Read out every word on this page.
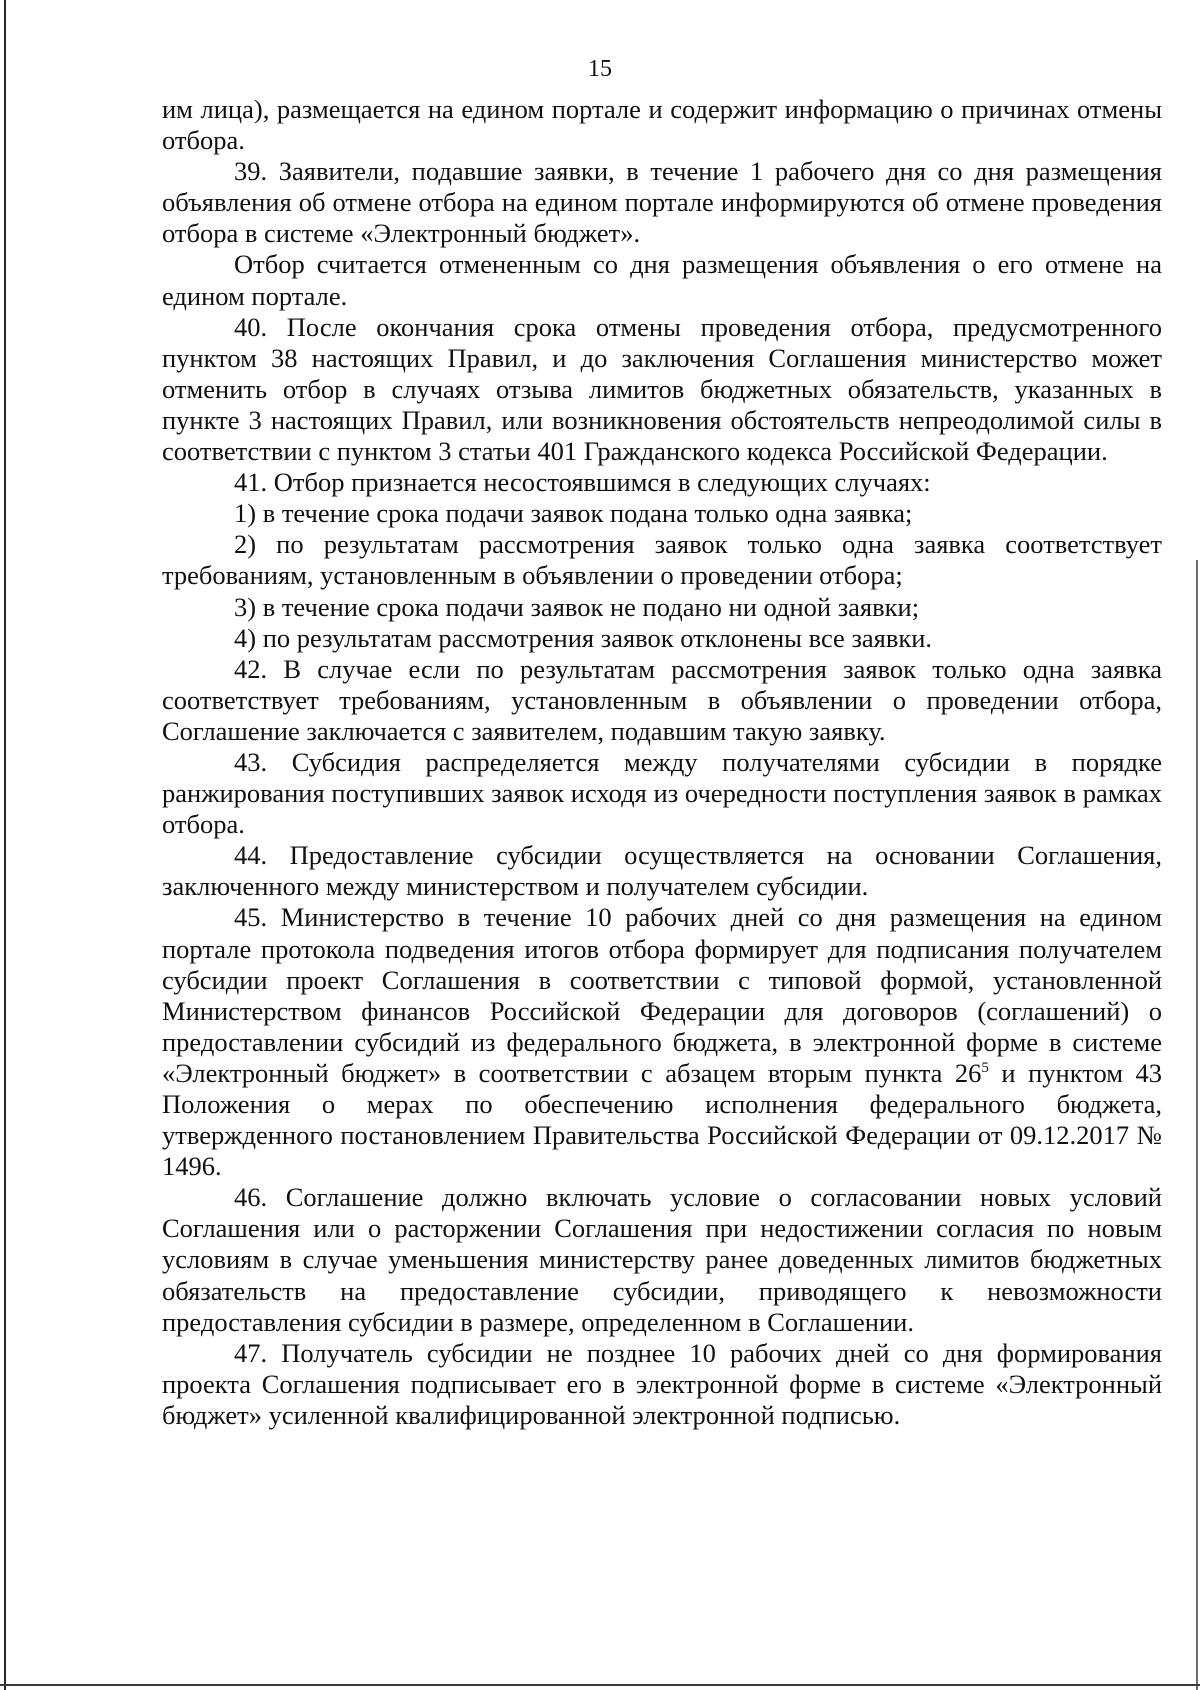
15

им лица), размещается на едином портале и содержит информацию о причинах отмены отбора.

39. Заявители, подавшие заявки, в течение 1 рабочего дня со дня размещения объявления об отмене отбора на едином портале информируются об отмене проведения отбора в системе «Электронный бюджет».

Отбор считается отмененным со дня размещения объявления о его отмене на едином портале.

40. После окончания срока отмены проведения отбора, предусмотренного пунктом 38 настоящих Правил, и до заключения Соглашения министерство может отменить отбор в случаях отзыва лимитов бюджетных обязательств, указанных в пункте 3 настоящих Правил, или возникновения обстоятельств непреодолимой силы в соответствии с пунктом 3 статьи 401 Гражданского кодекса Российской Федерации.

41. Отбор признается несостоявшимся в следующих случаях:

1) в течение срока подачи заявок подана только одна заявка;

2) по результатам рассмотрения заявок только одна заявка соответствует требованиям, установленным в объявлении о проведении отбора;

3) в течение срока подачи заявок не подано ни одной заявки;

4) по результатам рассмотрения заявок отклонены все заявки.

42. В случае если по результатам рассмотрения заявок только одна заявка соответствует требованиям, установленным в объявлении о проведении отбора, Соглашение заключается с заявителем, подавшим такую заявку.

43. Субсидия распределяется между получателями субсидии в порядке ранжирования поступивших заявок исходя из очередности поступления заявок в рамках отбора.

44. Предоставление субсидии осуществляется на основании Соглашения, заключенного между министерством и получателем субсидии.

45. Министерство в течение 10 рабочих дней со дня размещения на едином портале протокола подведения итогов отбора формирует для подписания получателем субсидии проект Соглашения в соответствии с типовой формой, установленной Министерством финансов Российской Федерации для договоров (соглашений) о предоставлении субсидий из федерального бюджета, в электронной форме в системе «Электронный бюджет» в соответствии с абзацем вторым пункта $26^5$ и пунктом 43 Положения о мерах по обеспечению исполнения федерального бюджета, утвержденного постановлением Правительства Российской Федерации от 09.12.2017 № 1496.

46. Соглашение должно включать условие о согласовании новых условий Соглашения или о расторжении Соглашения при недостижении согласия по новым условиям в случае уменьшения министерству ранее доведенных лимитов бюджетных обязательств на предоставление субсидии, приводящего к невозможности предоставления субсидии в размере, определенном в Соглашении.

47. Получатель субсидии не позднее 10 рабочих дней со дня формирования проекта Соглашения подписывает его в электронной форме в системе «Электронный бюджет» усиленной квалифицированной электронной подписью.
